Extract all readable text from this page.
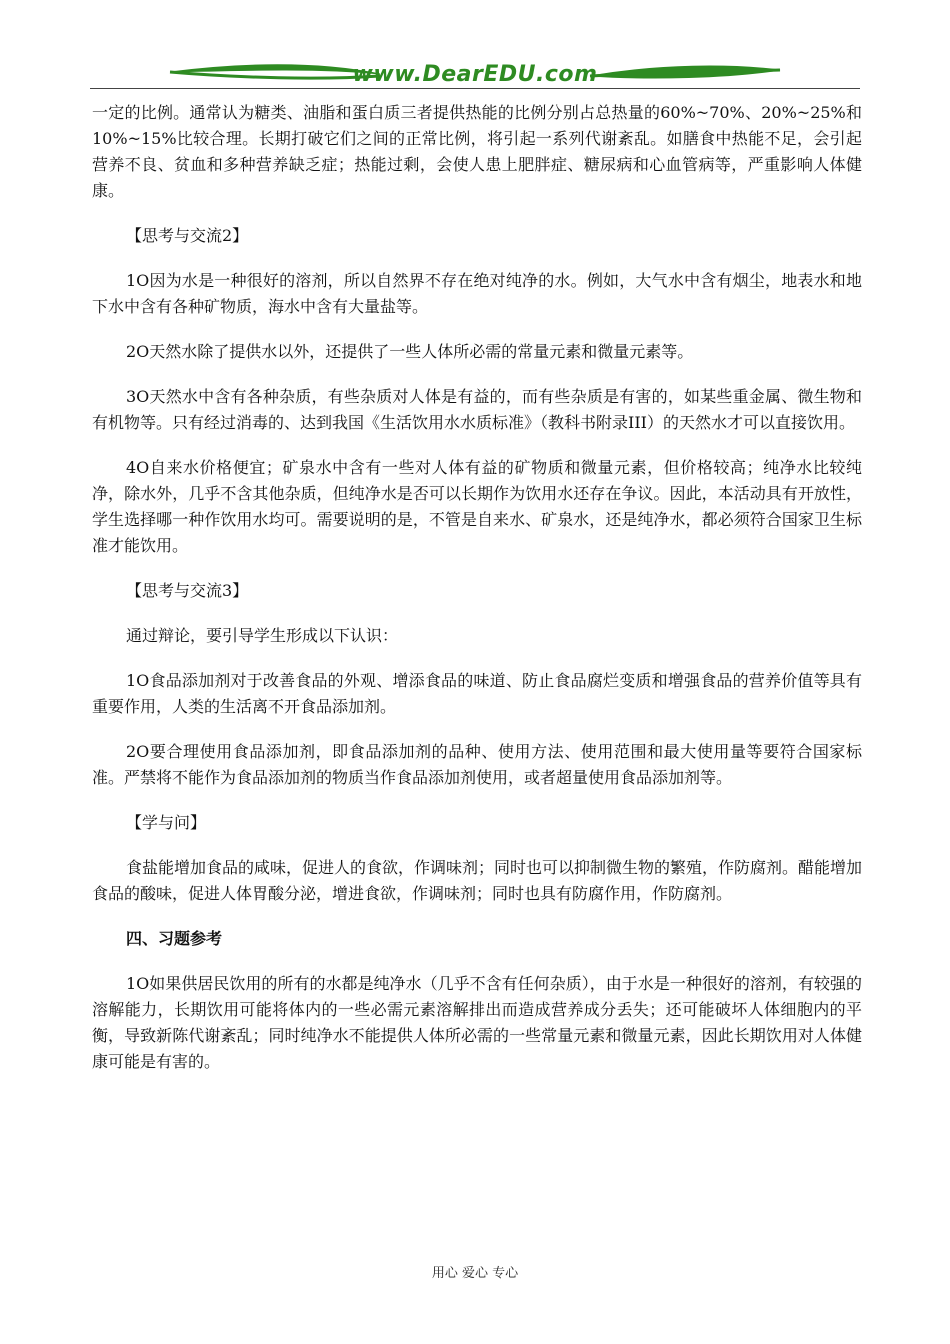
www.DearEDU.com

一定的比例。通常认为糖类、油脂和蛋白质三者提供热能的比例分别占总热量的60%~70%、20%~25%和10%~15%比较合理。长期打破它们之间的正常比例，将引起一系列代谢紊乱。如膳食中热能不足，会引起营养不良、贫血和多种营养缺乏症；热能过剩，会使人患上肥胖症、糖尿病和心血管病等，严重影响人体健康。

【思考与交流2】

1O因为水是一种很好的溶剂，所以自然界不存在绝对纯净的水。例如，大气水中含有烟尘，地表水和地下水中含有各种矿物质，海水中含有大量盐等。

2O天然水除了提供水以外，还提供了一些人体所必需的常量元素和微量元素等。

3O天然水中含有各种杂质，有些杂质对人体是有益的，而有些杂质是有害的，如某些重金属、微生物和有机物等。只有经过消毒的、达到我国《生活饮用水水质标准》（教科书附录III）的天然水才可以直接饮用。

4O自来水价格便宜；矿泉水中含有一些对人体有益的矿物质和微量元素，但价格较高；纯净水比较纯净，除水外，几乎不含其他杂质，但纯净水是否可以长期作为饮用水还存在争议。因此，本活动具有开放性，学生选择哪一种作饮用水均可。需要说明的是，不管是自来水、矿泉水，还是纯净水，都必须符合国家卫生标准才能饮用。

【思考与交流3】

通过辩论，要引导学生形成以下认识：

1O食品添加剂对于改善食品的外观、增添食品的味道、防止食品腐烂变质和增强食品的营养价值等具有重要作用，人类的生活离不开食品添加剂。

2O要合理使用食品添加剂，即食品添加剂的品种、使用方法、使用范围和最大使用量等要符合国家标准。严禁将不能作为食品添加剂的物质当作食品添加剂使用，或者超量使用食品添加剂等。

【学与问】

食盐能增加食品的咸味，促进人的食欲，作调味剂；同时也可以抑制微生物的繁殖，作防腐剂。醋能增加食品的酸味，促进人体胃酸分泌，增进食欲，作调味剂；同时也具有防腐作用，作防腐剂。

四、习题参考

1O如果供居民饮用的所有的水都是纯净水（几乎不含有任何杂质），由于水是一种很好的溶剂，有较强的溶解能力，长期饮用可能将体内的一些必需元素溶解排出而造成营养成分丢失；还可能破坏人体细胞内的平衡，导致新陈代谢紊乱；同时纯净水不能提供人体所必需的一些常量元素和微量元素，因此长期饮用对人体健康可能是有害的。

用心 爱心 专心
